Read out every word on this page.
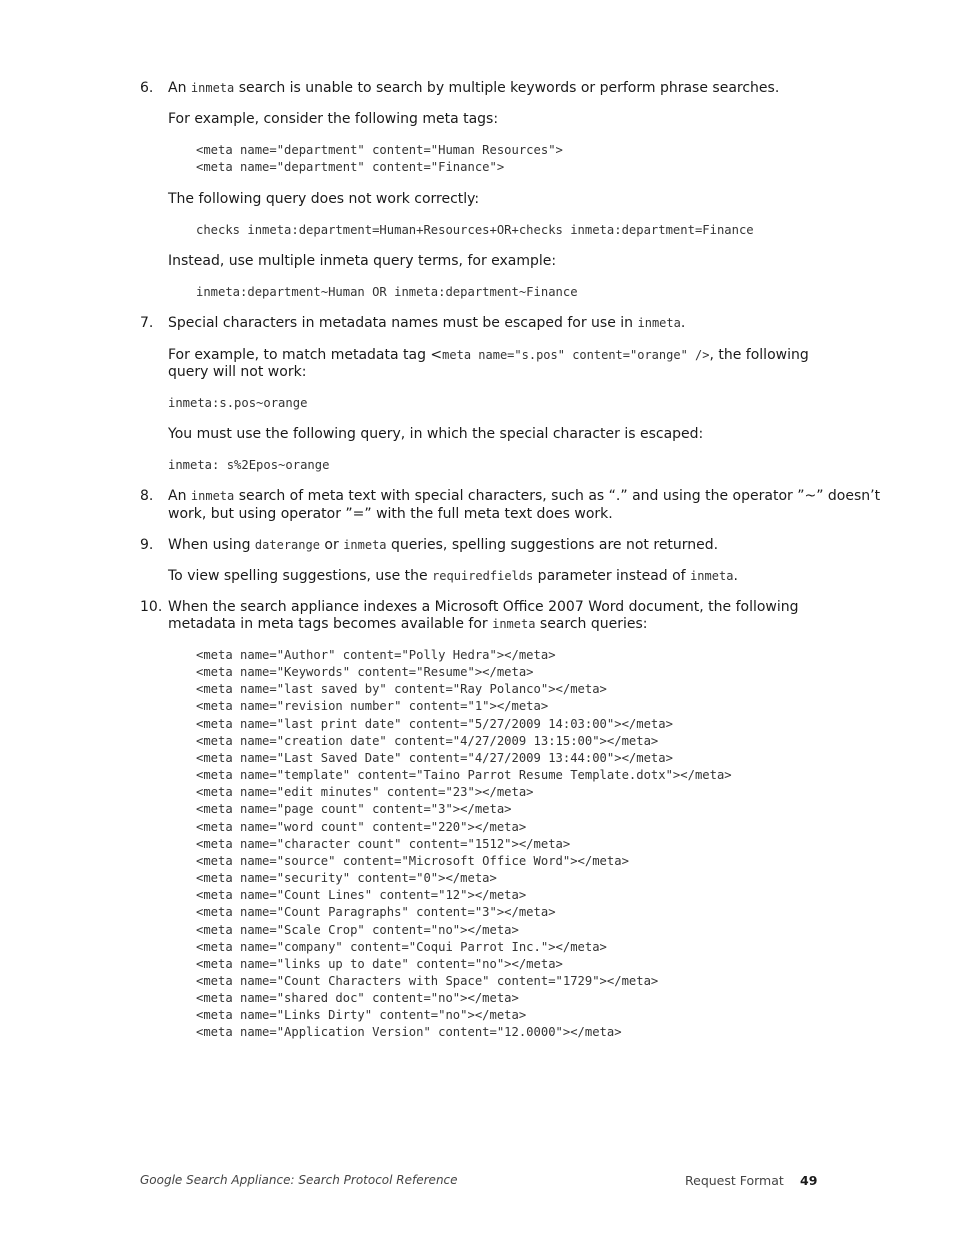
6. An inmeta search is unable to search by multiple keywords or perform phrase searches.
For example, consider the following meta tags:
<meta name="department" content="Human Resources">
<meta name="department" content="Finance">
The following query does not work correctly:
checks inmeta:department=Human+Resources+OR+checks inmeta:department=Finance
Instead, use multiple inmeta query terms, for example:
inmeta:department~Human OR inmeta:department~Finance
7. Special characters in metadata names must be escaped for use in inmeta.
For example, to match metadata tag <meta name="s.pos" content="orange" />, the following
query will not work:
inmeta:s.pos~orange
You must use the following query, in which the special character is escaped:
inmeta: s%2Epos~orange
8. An inmeta search of meta text with special characters, such as “.” and using the operator ”~” doesn’t
work, but using operator ”=” with the full meta text does work.
9. When using daterange or inmeta queries, spelling suggestions are not returned.
To view spelling suggestions, use the requiredfields parameter instead of inmeta.
10. When the search appliance indexes a Microsoft Office 2007 Word document, the following
metadata in meta tags becomes available for inmeta search queries:
<meta name="Author" content="Polly Hedra"></meta>
<meta name="Keywords" content="Resume"></meta>
<meta name="last saved by" content="Ray Polanco"></meta>
<meta name="revision number" content="1"></meta>
<meta name="last print date" content="5/27/2009 14:03:00"></meta>
<meta name="creation date" content="4/27/2009 13:15:00"></meta>
<meta name="Last Saved Date" content="4/27/2009 13:44:00"></meta>
<meta name="template" content="Taino Parrot Resume Template.dotx"></meta>
<meta name="edit minutes" content="23"></meta>
<meta name="page count" content="3"></meta>
<meta name="word count" content="220"></meta>
<meta name="character count" content="1512"></meta>
<meta name="source" content="Microsoft Office Word"></meta>
<meta name="security" content="0"></meta>
<meta name="Count Lines" content="12"></meta>
<meta name="Count Paragraphs" content="3"></meta>
<meta name="Scale Crop" content="no"></meta>
<meta name="company" content="Coqui Parrot Inc."></meta>
<meta name="links up to date" content="no"></meta>
<meta name="Count Characters with Space" content="1729"></meta>
<meta name="shared doc" content="no"></meta>
<meta name="Links Dirty" content="no"></meta>
<meta name="Application Version" content="12.0000"></meta>
Google Search Appliance: Search Protocol Reference	Request Format 49
